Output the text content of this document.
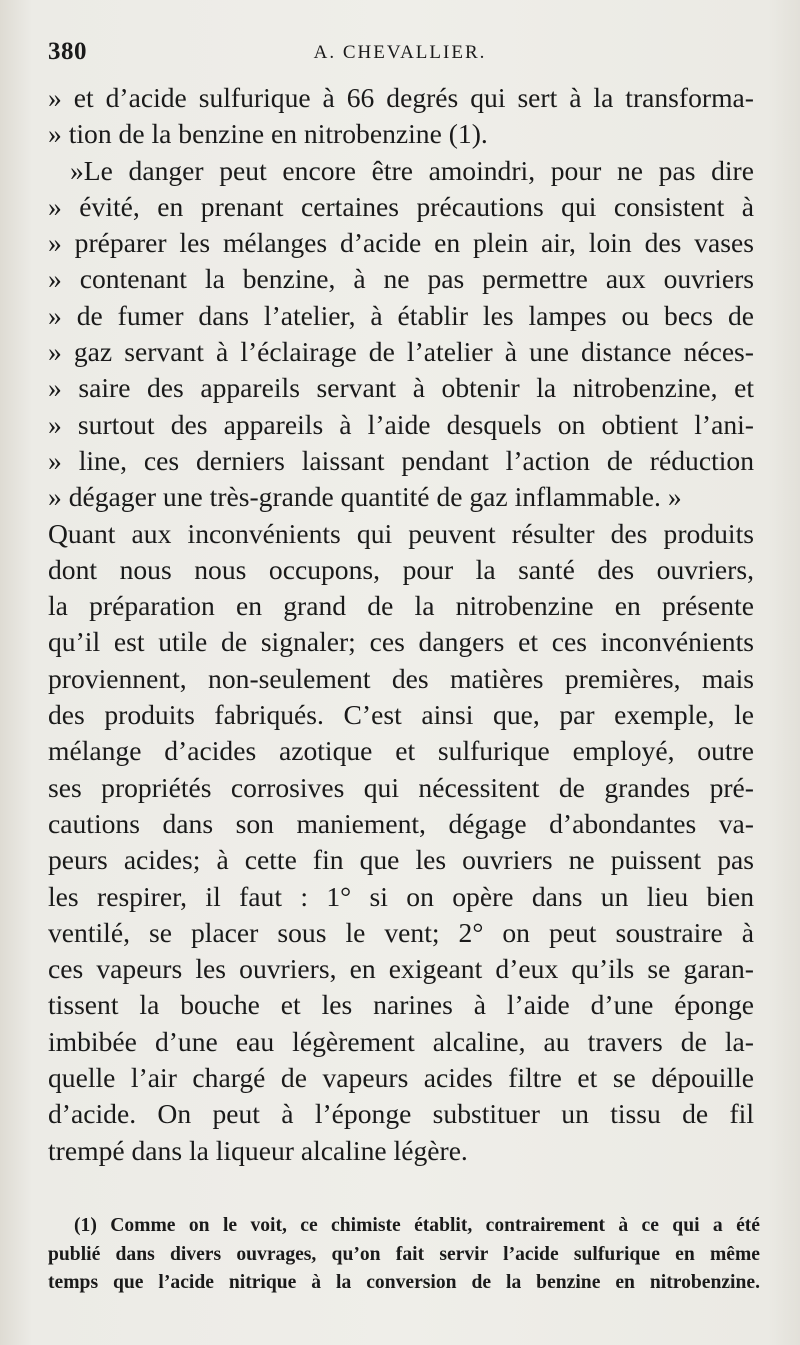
380	A. CHEVALLIER.
» et d’acide sulfurique à 66 degrés qui sert à la transforma-
» tion de la benzine en nitrobenzine (1).
»Le danger peut encore être amoindri, pour ne pas dire
» évité, en prenant certaines précautions qui consistent à
» préparer les mélanges d’acide en plein air, loin des vases
» contenant la benzine, à ne pas permettre aux ouvriers
» de fumer dans l’atelier, à établir les lampes ou becs de
» gaz servant à l’éclairage de l’atelier à une distance néces-
» saire des appareils servant à obtenir la nitrobenzine, et
» surtout des appareils à l’aide desquels on obtient l’ani-
» line, ces derniers laissant pendant l’action de réduction
» dégager une très-grande quantité de gaz inflammable. »
Quant aux inconvénients qui peuvent résulter des produits
dont nous nous occupons, pour la santé des ouvriers,
la préparation en grand de la nitrobenzine en présente
qu’il est utile de signaler; ces dangers et ces inconvénients
proviennent, non-seulement des matières premières, mais
des produits fabriqués. C’est ainsi que, par exemple, le
mélange d’acides azotique et sulfurique employé, outre
ses propriétés corrosives qui nécessitent de grandes pré-
cautions dans son maniement, dégage d’abondantes va-
peurs acides; à cette fin que les ouvriers ne puissent pas
les respirer, il faut : 1° si on opère dans un lieu bien
ventilé, se placer sous le vent; 2° on peut soustraire à
ces vapeurs les ouvriers, en exigeant d’eux qu’ils se garan-
tissent la bouche et les narines à l’aide d’une éponge
imbibée d’une eau légèrement alcaline, au travers de la-
quelle l’air chargé de vapeurs acides filtre et se dépouille
d’acide. On peut à l’éponge substituer un tissu de fil
trempé dans la liqueur alcaline légère.
(1) Comme on le voit, ce chimiste établit, contrairement à ce qui a été
publié dans divers ouvrages, qu’on fait servir l’acide sulfurique en même
temps que l’acide nitrique à la conversion de la benzine en nitrobenzine.
